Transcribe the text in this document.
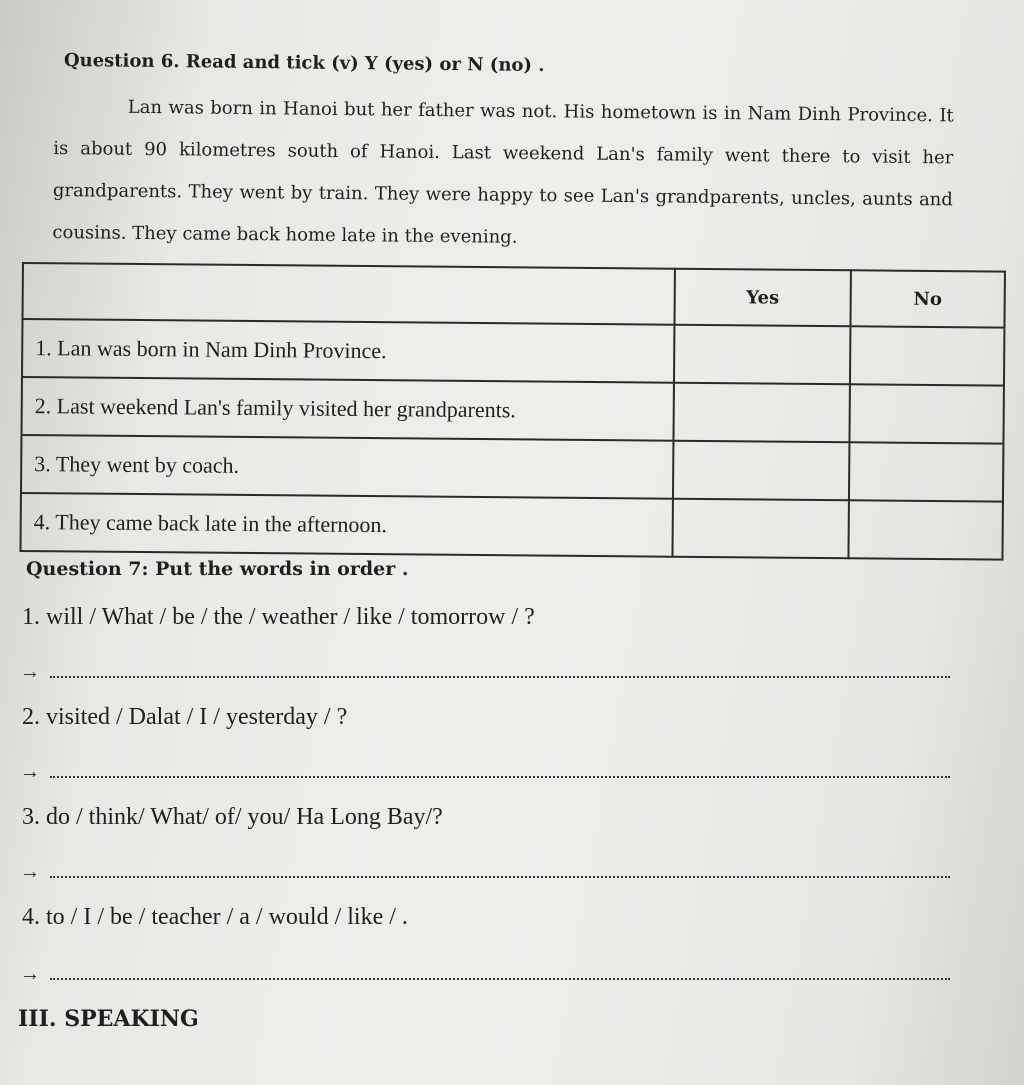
Question 6. Read and tick (v) Y (yes) or N (no) .
Lan was born in Hanoi but her father was not. His hometown is in Nam Dinh Province. It is about 90 kilometres south of Hanoi. Last weekend Lan's family went there to visit her grandparents. They went by train. They were happy to see Lan's grandparents, uncles, aunts and cousins. They came back home late in the evening.
	Yes	No
1. Lan was born in Nam Dinh Province.		
2. Last weekend Lan's family visited her grandparents.		
3. They went by coach.		
4. They came back late in the afternoon.		
Question 7: Put the words in order .
1. will / What / be / the / weather / like / tomorrow / ?
→
2. visited / Dalat / I / yesterday / ?
→
3. do / think/ What/ of/ you/ Ha Long Bay/?
→
4. to / I / be / teacher / a / would / like / .
→
III. SPEAKING
